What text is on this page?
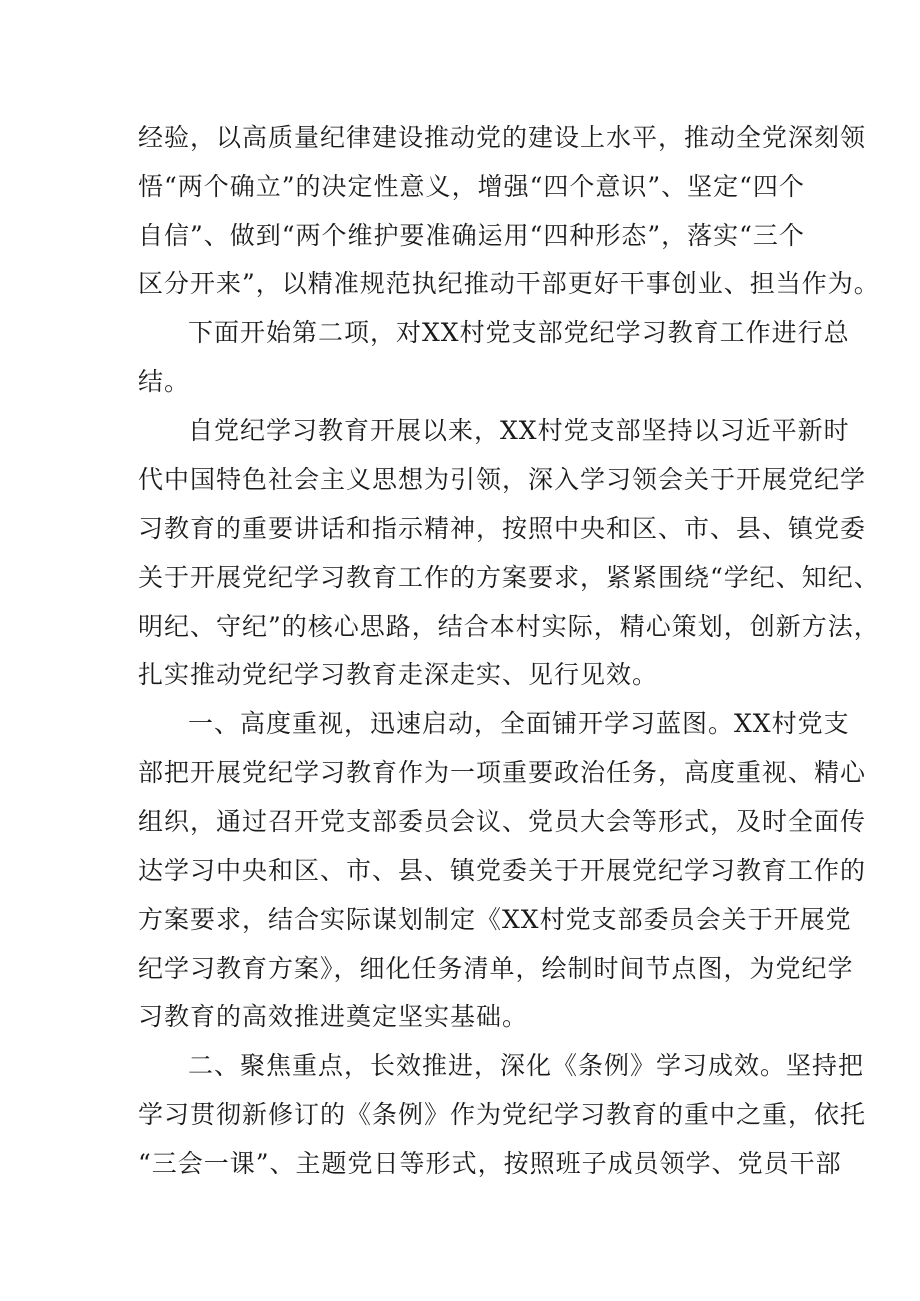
经验，以高质量纪律建设推动党的建设上水平，推动全党深刻领
悟“两个确立”的决定性意义，增强“四个意识”、坚定“四个
自信”、做到“两个维护要准确运用“四种形态”，落实“三个
区分开来”，以精准规范执纪推动干部更好干事创业、担当作为。
下面开始第二项，对XX村党支部党纪学习教育工作进行总
结。
自党纪学习教育开展以来，XX村党支部坚持以习近平新时
代中国特色社会主义思想为引领，深入学习领会关于开展党纪学
习教育的重要讲话和指示精神，按照中央和区、市、县、镇党委
关于开展党纪学习教育工作的方案要求，紧紧围绕“学纪、知纪、
明纪、守纪”的核心思路，结合本村实际，精心策划，创新方法，
扎实推动党纪学习教育走深走实、见行见效。
一、高度重视，迅速启动，全面铺开学习蓝图。XX村党支
部把开展党纪学习教育作为一项重要政治任务，高度重视、精心
组织，通过召开党支部委员会议、党员大会等形式，及时全面传
达学习中央和区、市、县、镇党委关于开展党纪学习教育工作的
方案要求，结合实际谋划制定《XX村党支部委员会关于开展党
纪学习教育方案》，细化任务清单，绘制时间节点图，为党纪学
习教育的高效推进奠定坚实基础。
二、聚焦重点，长效推进，深化《条例》学习成效。坚持把
学习贯彻新修订的《条例》作为党纪学习教育的重中之重，依托
“三会一课”、主题党日等形式，按照班子成员领学、党员干部
